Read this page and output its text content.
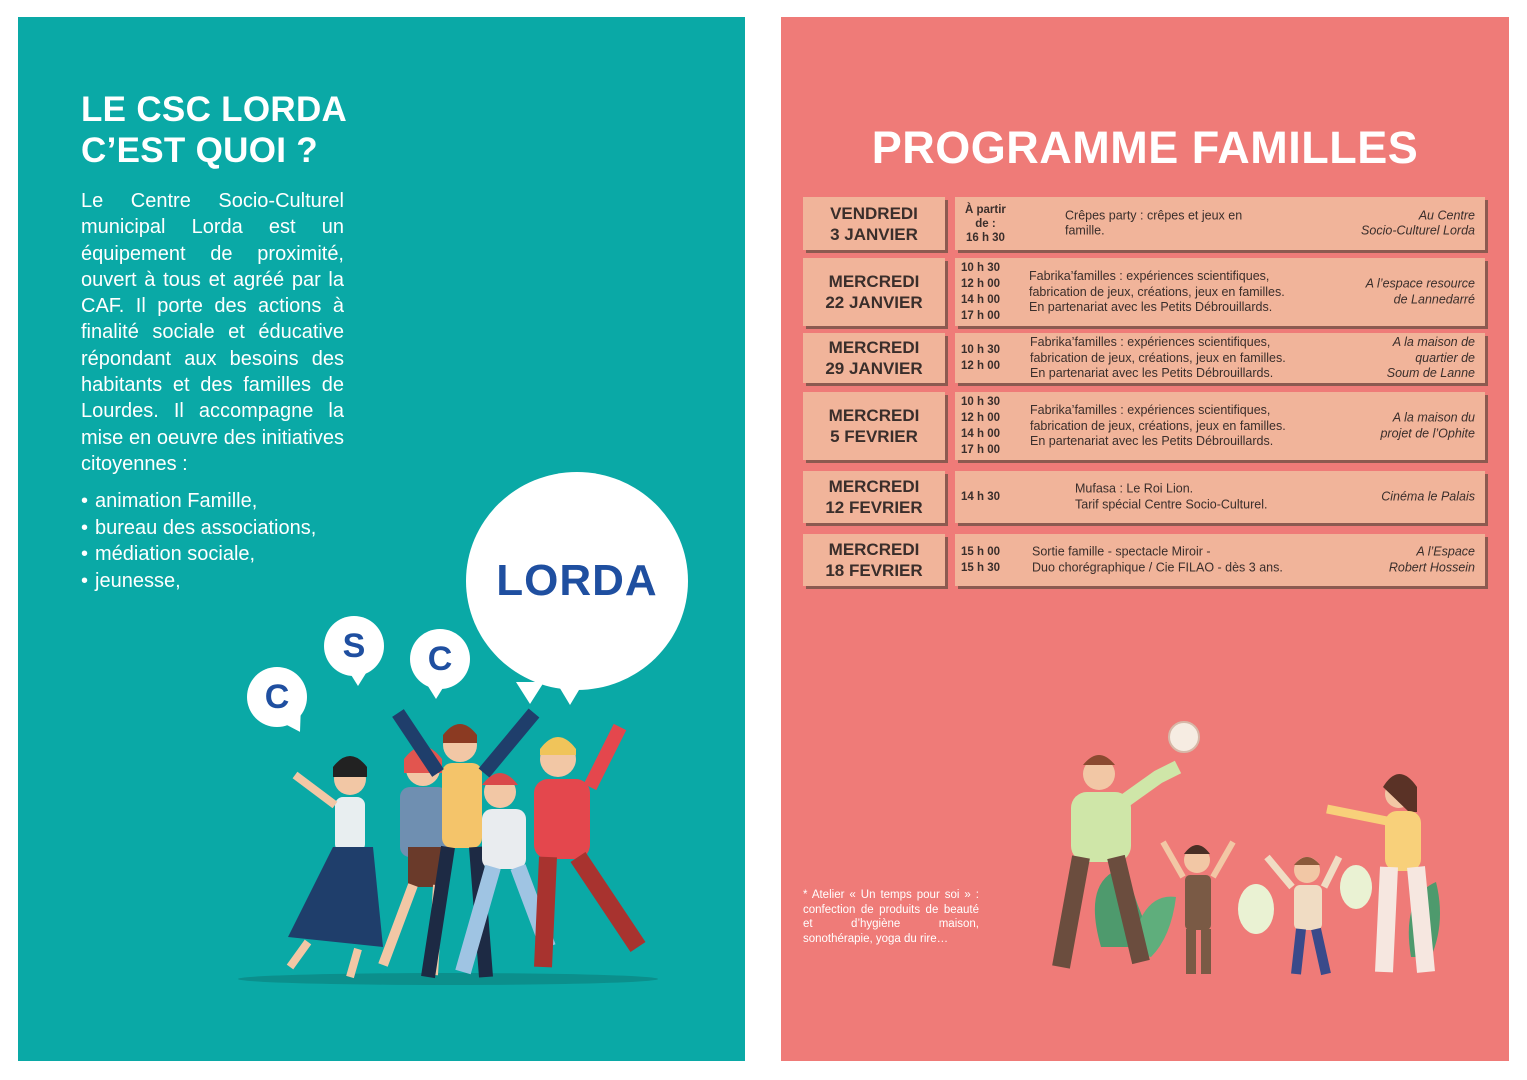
LE CSC LORDA
C’EST QUOI ?
Le Centre Socio-Culturel municipal Lorda est un équipement de proximité, ouvert à tous et agréé par la CAF. Il porte des actions à finalité sociale et éducative répondant aux besoins des habitants et des familles de Lourdes. Il accompagne la mise en oeuvre des initiatives citoyennes :
• animation Famille,
• bureau des associations,
• médiation sociale,
• jeunesse,
C
S C
LORDA
PROGRAMME FAMILLES
VENDREDI
3 JANVIER
À partir
de :
16 h 30
Crêpes party : crêpes et jeux en
famille.
Au Centre
Socio-Culturel Lorda
MERCREDI
22 JANVIER
10 h 30
12 h 00
14 h 00
17 h 00
Fabrika’familles : expériences scientifiques,
fabrication de jeux, créations, jeux en familles.
En partenariat avec les Petits Débrouillards.
A l’espace resource
de Lannedarré
MERCREDI
29 JANVIER
10 h 30
12 h 00
Fabrika’familles : expériences scientifiques,
fabrication de jeux, créations, jeux en familles.
En partenariat avec les Petits Débrouillards.
A la maison de
quartier de
Soum de Lanne
MERCREDI
5 FEVRIER
10 h 30
12 h 00
14 h 00
17 h 00
Fabrika’familles : expériences scientifiques,
fabrication de jeux, créations, jeux en familles.
En partenariat avec les Petits Débrouillards.
A la maison du
projet de l’Ophite
MERCREDI
12 FEVRIER
14 h 30
Mufasa : Le Roi Lion.
Tarif spécial Centre Socio-Culturel.
Cinéma le Palais
MERCREDI
18 FEVRIER
15 h 00
15 h 30
Sortie famille - spectacle Miroir -
Duo chorégraphique / Cie FILAO - dès 3 ans.
A l’Espace
Robert Hossein
* Atelier « Un temps pour soi » : confection de produits de beauté et d’hygiène maison, sonothérapie, yoga du rire…
